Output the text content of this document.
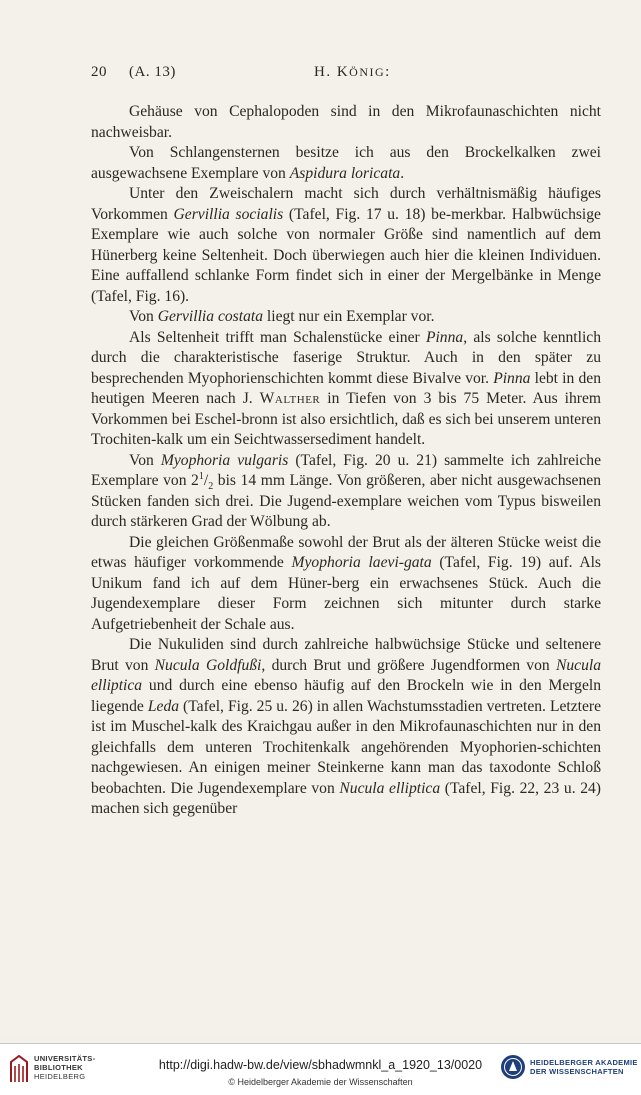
20 (A. 13)	H. KÖNIG:

Gehäuse von Cephalopoden sind in den Mikrofaunaschichten nicht nachweisbar.

Von Schlangensternen besitze ich aus den Brockelkalken zwei ausgewachsene Exemplare von Aspidura loricata.

Unter den Zweischalern macht sich durch verhältnismäßig häufiges Vorkommen Gervillia socialis (Tafel, Fig. 17 u. 18) be-merkbar. Halbwüchsige Exemplare wie auch solche von normaler Größe sind namentlich auf dem Hünerberg keine Seltenheit. Doch überwiegen auch hier die kleinen Individuen. Eine auffallend schlanke Form findet sich in einer der Mergelbänke in Menge (Tafel, Fig. 16).

Von Gervillia costata liegt nur ein Exemplar vor.

Als Seltenheit trifft man Schalenstücke einer Pinna, als solche kenntlich durch die charakteristische faserige Struktur. Auch in den später zu besprechenden Myophorienschichten kommt diese Bivalve vor. Pinna lebt in den heutigen Meeren nach J. Walther in Tiefen von 3 bis 75 Meter. Aus ihrem Vorkommen bei Eschel-bronn ist also ersichtlich, daß es sich bei unserem unteren Trochiten-kalk um ein Seichtwassersediment handelt.

Von Myophoria vulgaris (Tafel, Fig. 20 u. 21) sammelte ich zahlreiche Exemplare von $2^1/_2$ bis 14 mm Länge. Von größeren, aber nicht ausgewachsenen Stücken fanden sich drei. Die Jugend-exemplare weichen vom Typus bisweilen durch stärkeren Grad der Wölbung ab.

Die gleichen Größenmaße sowohl der Brut als der älteren Stücke weist die etwas häufiger vorkommende Myophoria laevi-gata (Tafel, Fig. 19) auf. Als Unikum fand ich auf dem Hüner-berg ein erwachsenes Stück. Auch die Jugendexemplare dieser Form zeichnen sich mitunter durch starke Aufgetriebenheit der Schale aus.

Die Nukuliden sind durch zahlreiche halbwüchsige Stücke und seltenere Brut von Nucula Goldfußi, durch Brut und größere Jugendformen von Nucula elliptica und durch eine ebenso häufig auf den Brockeln wie in den Mergeln liegende Leda (Tafel, Fig. 25 u. 26) in allen Wachstumsstadien vertreten. Letztere ist im Muschel-kalk des Kraichgau außer in den Mikrofaunaschichten nur in den gleichfalls dem unteren Trochitenkalk angehörenden Myophorien-schichten nachgewiesen. An einigen meiner Steinkerne kann man das taxodonte Schloß beobachten. Die Jugendexemplare von Nucula elliptica (Tafel, Fig. 22, 23 u. 24) machen sich gegenüber

UNIVERSITÄTS-
BIBLIOTHEK
HEIDELBERG
http://digi.hadw-bw.de/view/sbhadwmnkl_a_1920_13/0020
© Heidelberger Akademie der Wissenschaften
HEIDELBERGER AKADEMIE
DER WISSENSCHAFTEN
